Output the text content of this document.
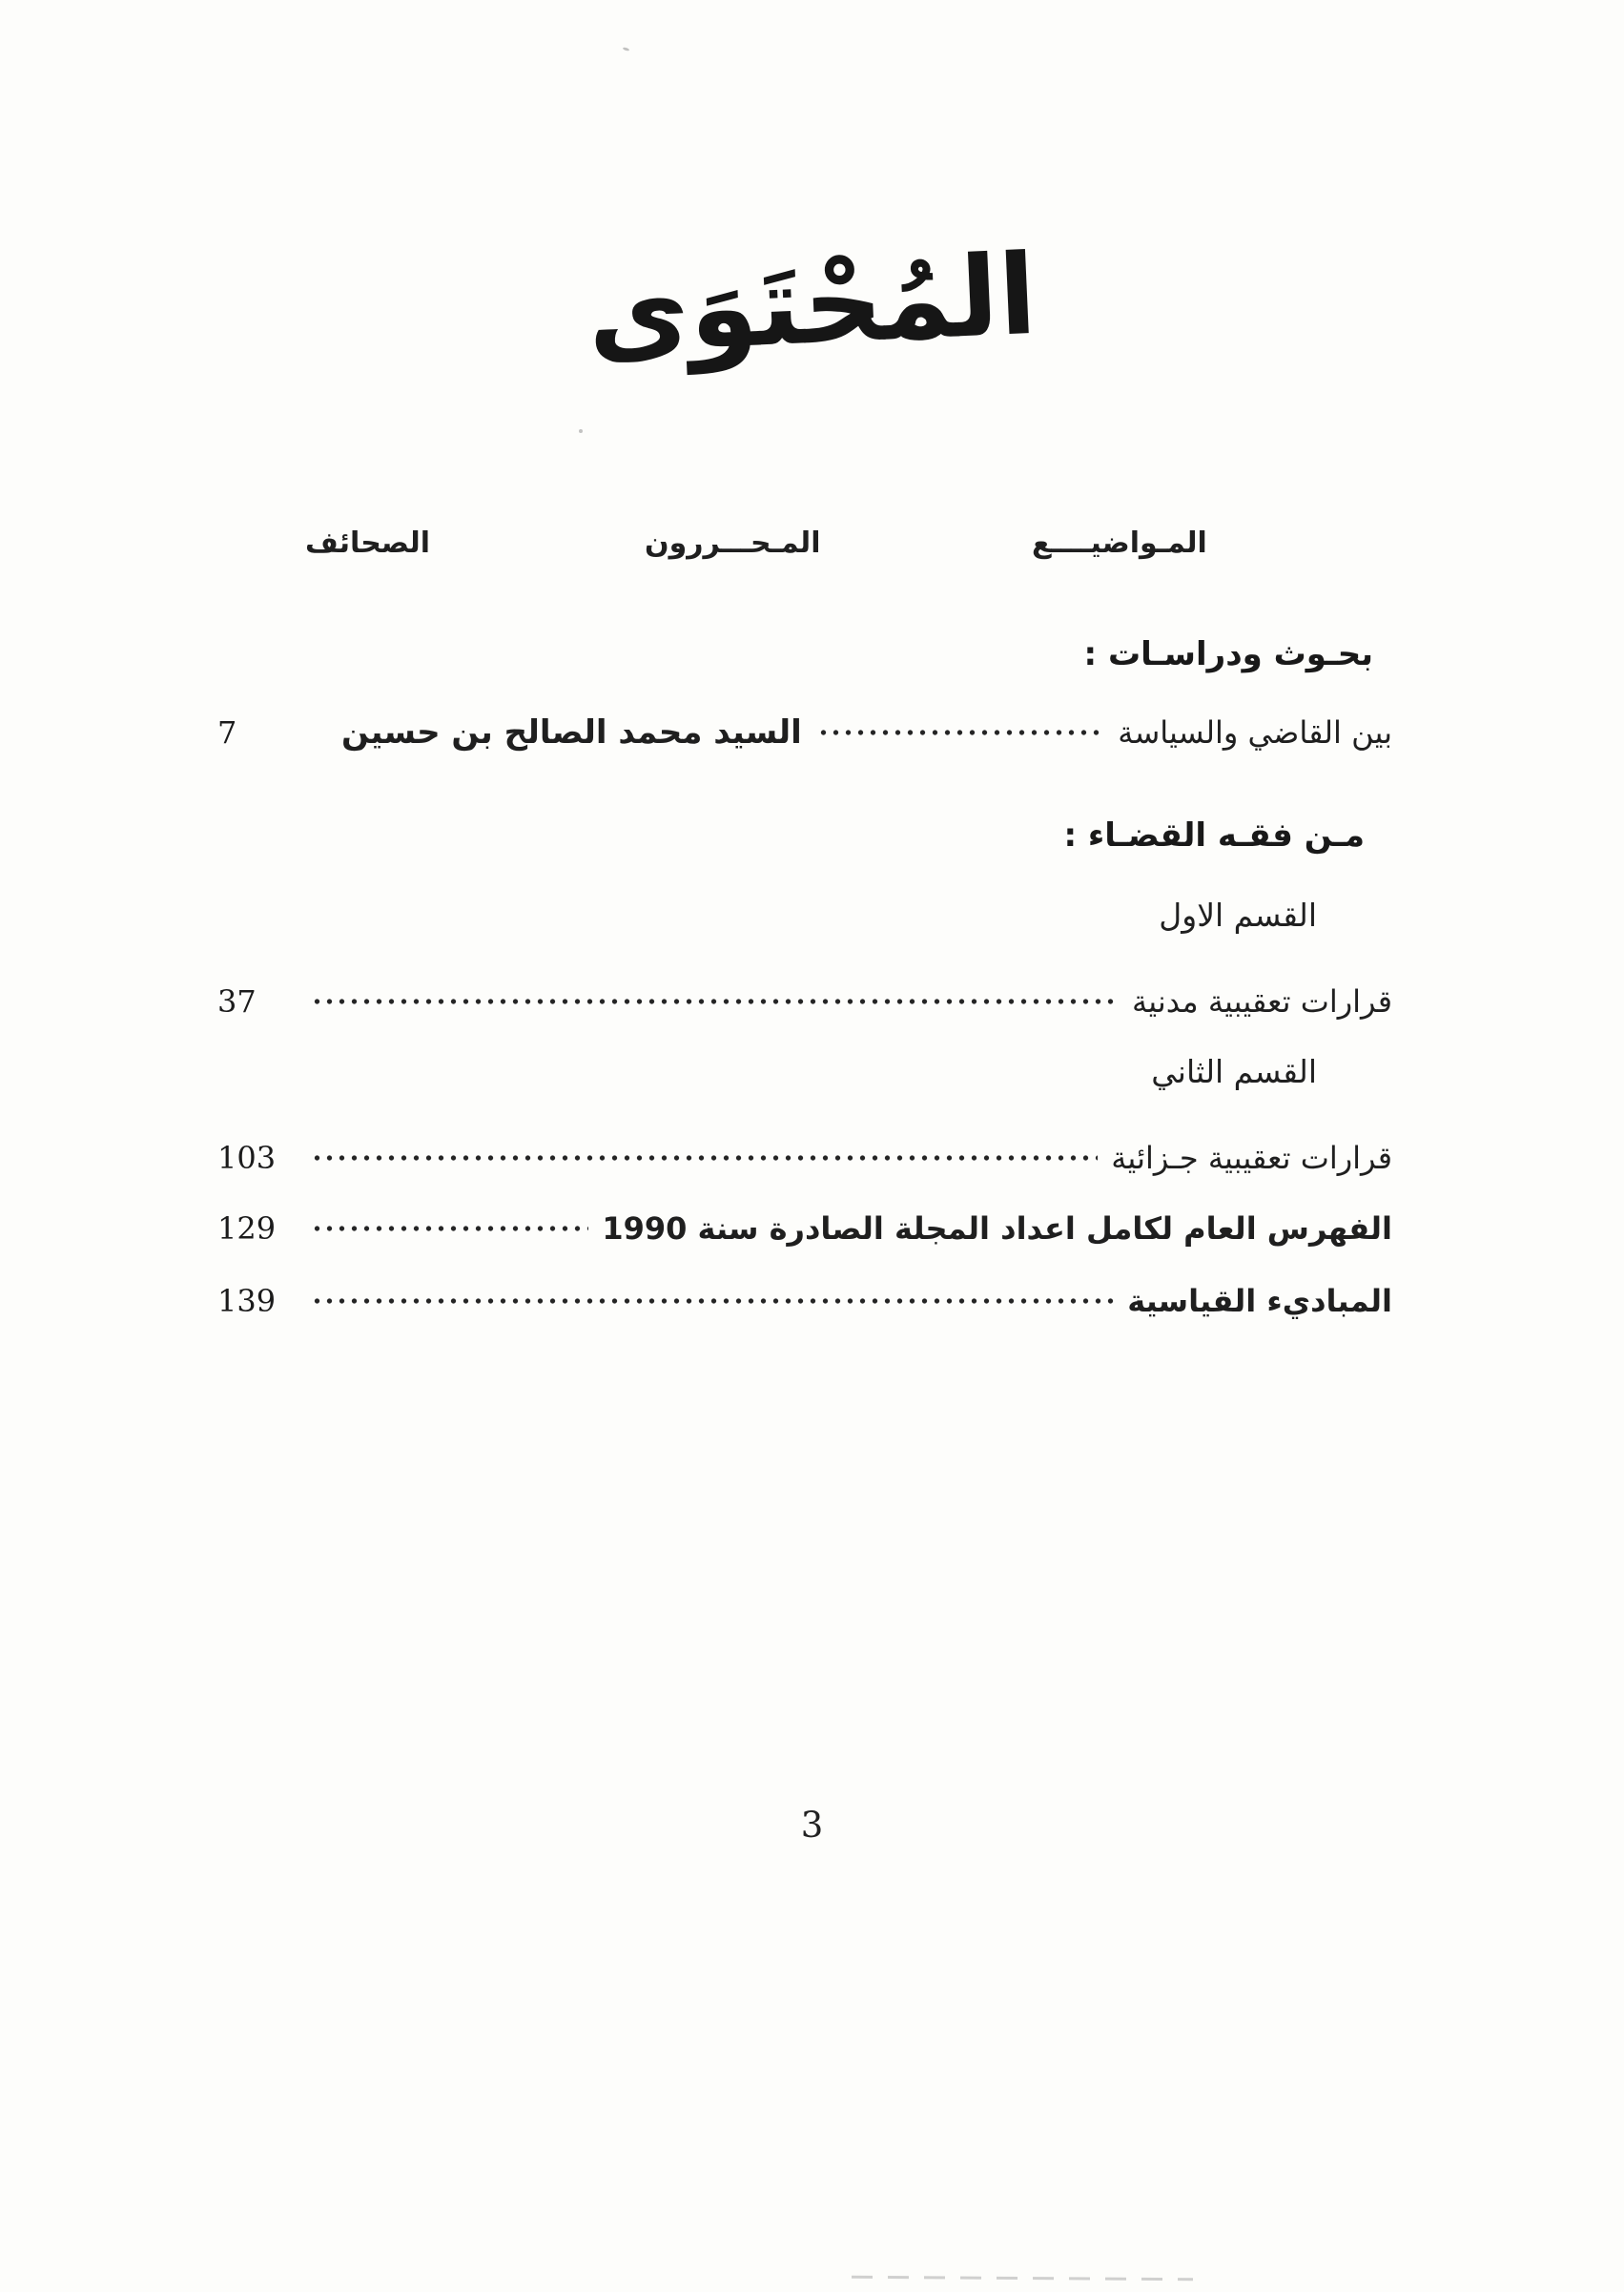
المُحْتَوَى
المـواضيــــع
المـحـــررون
الصحائف

بحـوث ودراسـات :

بين القاضي والسياسة
السيد محمد الصالح بن حسين
7

مـن فقـه القضـاء :

القسم الاول
قرارات تعقيبية مدنية
37
القسم الثاني
قرارات تعقيبية جـزائية
103
الفهرس العام لكامل اعداد المجلة الصادرة سنة 1990
129
المباديء القياسية
139
3
